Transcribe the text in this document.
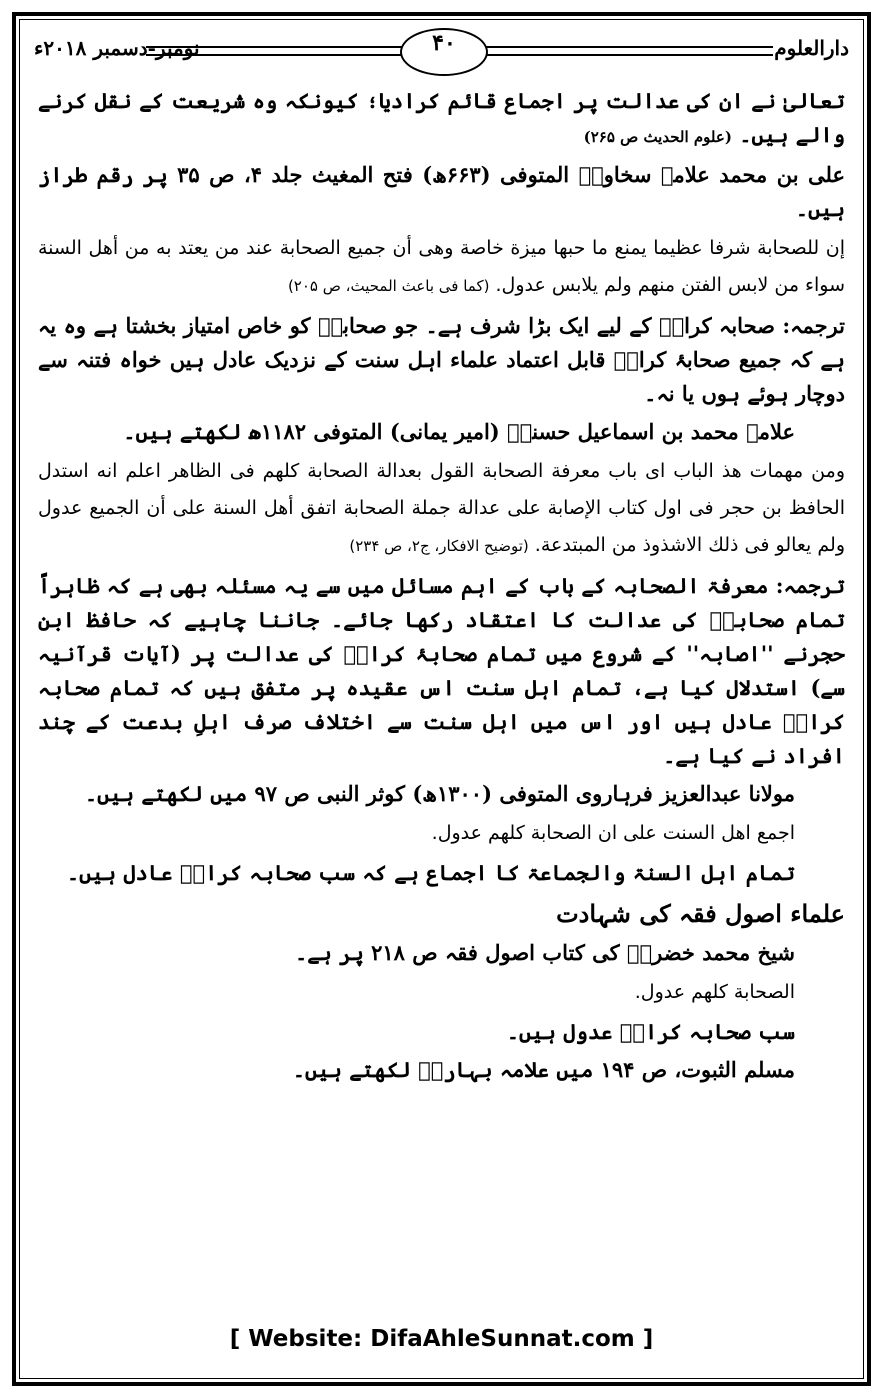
دارالعلوم
نومبر-دسمبر ۲۰۱۸ء	۴۰

تعالیٰ نے ان کی عدالت پر اجماع قائم کرادیا؛ کیونکہ وہ شریعت کے نقل کرنے والے ہیں۔ (علوم الحدیث ص ۲۶۵)

علی بن محمد علامہ سخاویؒ المتوفی (۶۶۳ھ) فتح المغیث جلد ۴، ص ۳۵ پر رقم طراز ہیں۔

إن للصحابة شرفا عظيما يمنع ما حبها ميزة خاصة وهى أن جميع الصحابة عند من يعتد به من أهل السنة سواء من لابس الفتن منهم ولم يلابس عدول. (كما فى باعث المحيث، ص ۲۰۵)

ترجمہ: صحابہ کرامؓ کے لیے ایک بڑا شرف ہے۔ جو صحابیؓ کو خاص امتیاز بخشتا ہے وہ یہ ہے کہ جمیع صحابۂ کرامؓ قابل اعتماد علماء اہل سنت کے نزدیک عادل ہیں خواہ فتنہ سے دوچار ہوئے ہوں یا نہ۔

علامہ محمد بن اسماعیل حسنیؒ (امیر یمانی) المتوفی ۱۱۸۲ھ لکھتے ہیں۔

ومن مهمات هذ الباب اى باب معرفة الصحابة القول بعدالة الصحابة كلهم فى الظاهر اعلم انه استدل الحافظ بن حجر فى اول كتاب الإصابة على عدالة جملة الصحابة اتفق أهل السنة على أن الجميع عدول ولم يعالو فى ذلك الاشذوذ من المبتدعة. (توضيح الافكار، ج۲، ص ۲۳۴)

ترجمہ: معرفۃ الصحابہ کے باب کے اہم مسائل میں سے یہ مسئلہ بھی ہے کہ ظاہراً تمام صحابہؓ کی عدالت کا اعتقاد رکھا جائے۔ جاننا چاہیے کہ حافظ ابن حجرنے ''اصابہ'' کے شروع میں تمام صحابۂ کرامؓ کی عدالت پر (آیات قرآنیہ سے) استدلال کیا ہے، تمام اہل سنت اس عقیدہ پر متفق ہیں کہ تمام صحابہ کرامؓ عادل ہیں اور اس میں اہل سنت سے اختلاف صرف اہلِ بدعت کے چند افراد نے کیا ہے۔

مولانا عبدالعزیز فرہاروی المتوفی (۱۳۰۰ھ) کوثر النبی ص ۹۷ میں لکھتے ہیں۔

اجمع اهل السنت على ان الصحابة كلهم عدول.

تمام اہل السنۃ والجماعۃ کا اجماع ہے کہ سب صحابہ کرامؓ عادل ہیں۔

علماء اصول فقہ کی شہادت

شیخ محمد خضریؒ کی کتاب اصول فقہ ص ۲۱۸ پر ہے۔

الصحابة كلهم عدول.

سب صحابہ کرامؓ عدول ہیں۔

مسلم الثبوت، ص ۱۹۴ میں علامہ بہاریؒ لکھتے ہیں۔

[ Website: DifaAhleSunnat.com ]
